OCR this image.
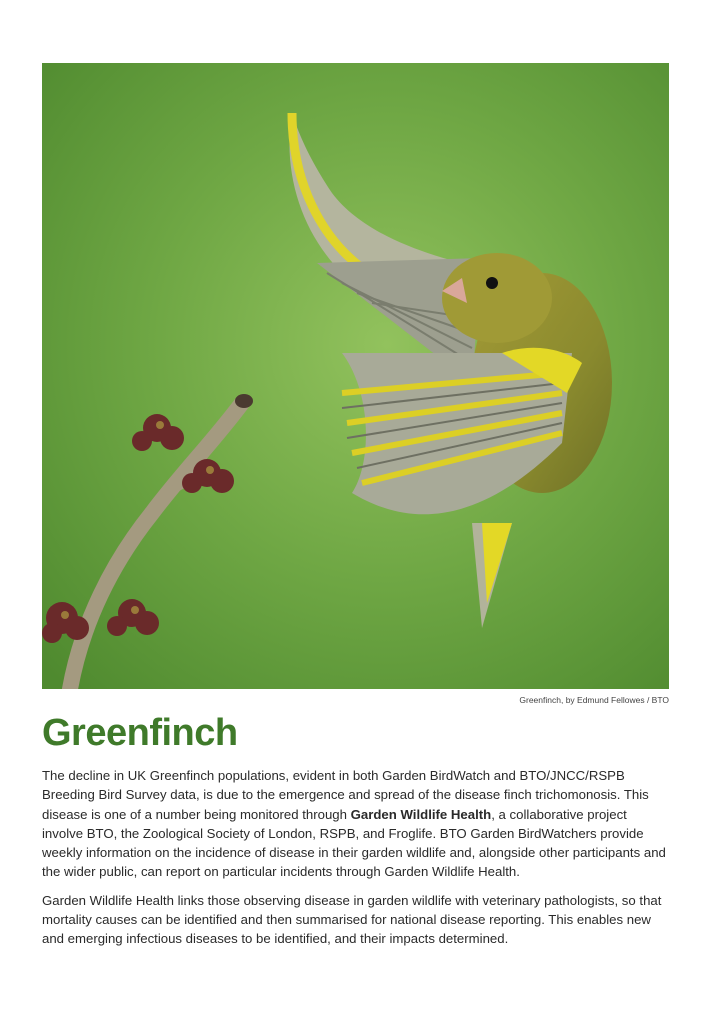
Greenfinch, by Edmund Fellowes / BTO
Greenfinch

The decline in UK Greenfinch populations, evident in both Garden BirdWatch and BTO/JNCC/RSPB Breeding Bird Survey data, is due to the emergence and spread of the disease finch trichomonosis. This disease is one of a number being monitored through Garden Wildlife Health, a collaborative project involve BTO, the Zoological Society of London, RSPB, and Froglife. BTO Garden BirdWatchers provide weekly information on the incidence of disease in their garden wildlife and, alongside other participants and the wider public, can report on particular incidents through Garden Wildlife Health.

Garden Wildlife Health links those observing disease in garden wildlife with veterinary pathologists, so that mortality causes can be identified and then summarised for national disease reporting. This enables new and emerging infectious diseases to be identified, and their impacts determined.
